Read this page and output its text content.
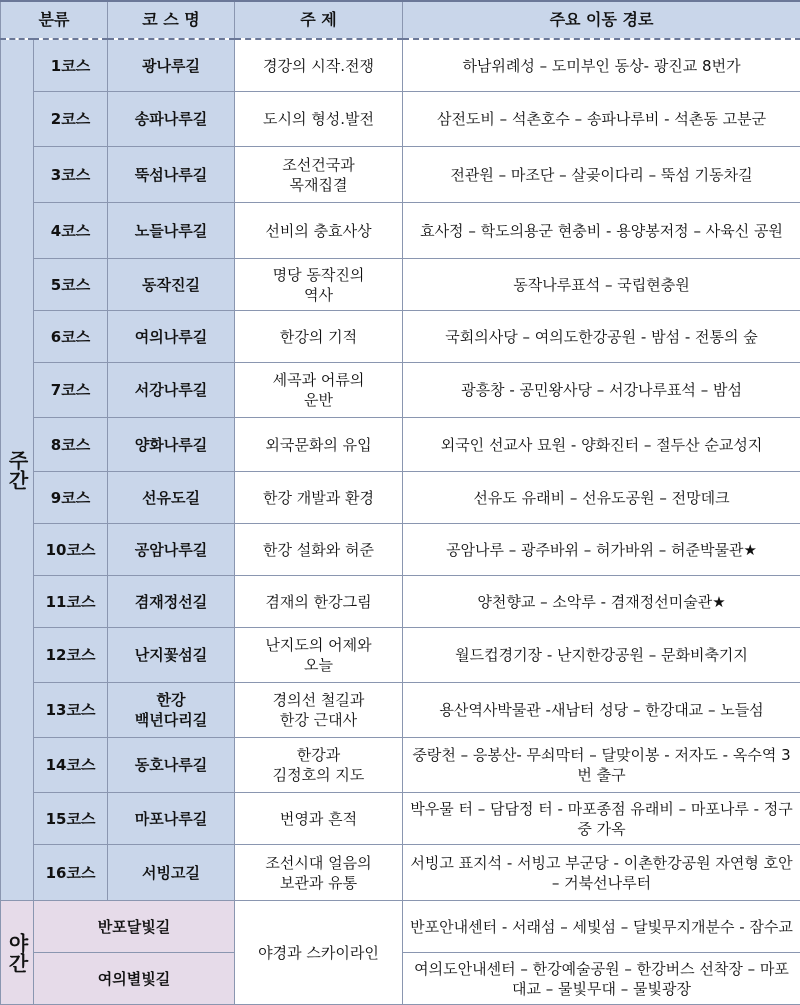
분류		코 스 명	주 제	주요 이동 경로

주간	1코스	광나루길	경강의 시작.전쟁	하남위례성 – 도미부인 동상- 광진교 8번가

	2코스	송파나루길	도시의 형성.발전	삼전도비 – 석촌호수 – 송파나루비 - 석촌동 고분군

	3코스	뚝섬나루길	조선건국과
목재집결	전관원 – 마조단 – 살곶이다리 – 뚝섬 기동차길

	4코스	노들나루길	선비의 충효사상	효사정 – 학도의용군 현충비 - 용양봉저정 – 사육신 공원

	5코스	동작진길	명당 동작진의
역사	동작나루표석 – 국립현충원

	6코스	여의나루길	한강의 기적	국회의사당 – 여의도한강공원 - 밤섬 - 전통의 숲

	7코스	서강나루길	세곡과 어류의
운반	광흥창 - 공민왕사당 – 서강나루표석 – 밤섬

	8코스	양화나루길	외국문화의 유입	외국인 선교사 묘원 - 양화진터 – 절두산 순교성지

	9코스	선유도길	한강 개발과 환경	선유도 유래비 – 선유도공원 – 전망데크

	10코스	공암나루길	한강 설화와 허준	공암나루 – 광주바위 – 허가바위 – 허준박물관★

	11코스	겸재정선길	겸재의 한강그림	양천향교 – 소악루 - 겸재정선미술관★

	12코스	난지꽃섬길	난지도의 어제와
오늘	월드컵경기장 - 난지한강공원 – 문화비축기지

	13코스	한강
백년다리길	경의선 철길과
한강 근대사	용산역사박물관 -새남터 성당 – 한강대교 – 노들섬

	14코스	동호나루길	한강과
김정호의 지도	중랑천 – 응봉산- 무쇠막터 – 달맞이봉 - 저자도 - 옥수역 3번 출구

	15코스	마포나루길	번영과 흔적	박우물 터 – 담담정 터 - 마포종점 유래비 – 마포나루 - 정구중 가옥

	16코스	서빙고길	조선시대 얼음의
보관과 유통	서빙고 표지석 - 서빙고 부군당 - 이촌한강공원 자연형 호안 – 거북선나루터

야간	반포달빛길		야경과 스카이라인	반포안내센터 - 서래섬 – 세빛섬 – 달빛무지개분수 - 잠수교

	여의별빛길			여의도안내센터 – 한강예술공원 – 한강버스 선착장 – 마포대교 – 물빛무대 – 물빛광장
